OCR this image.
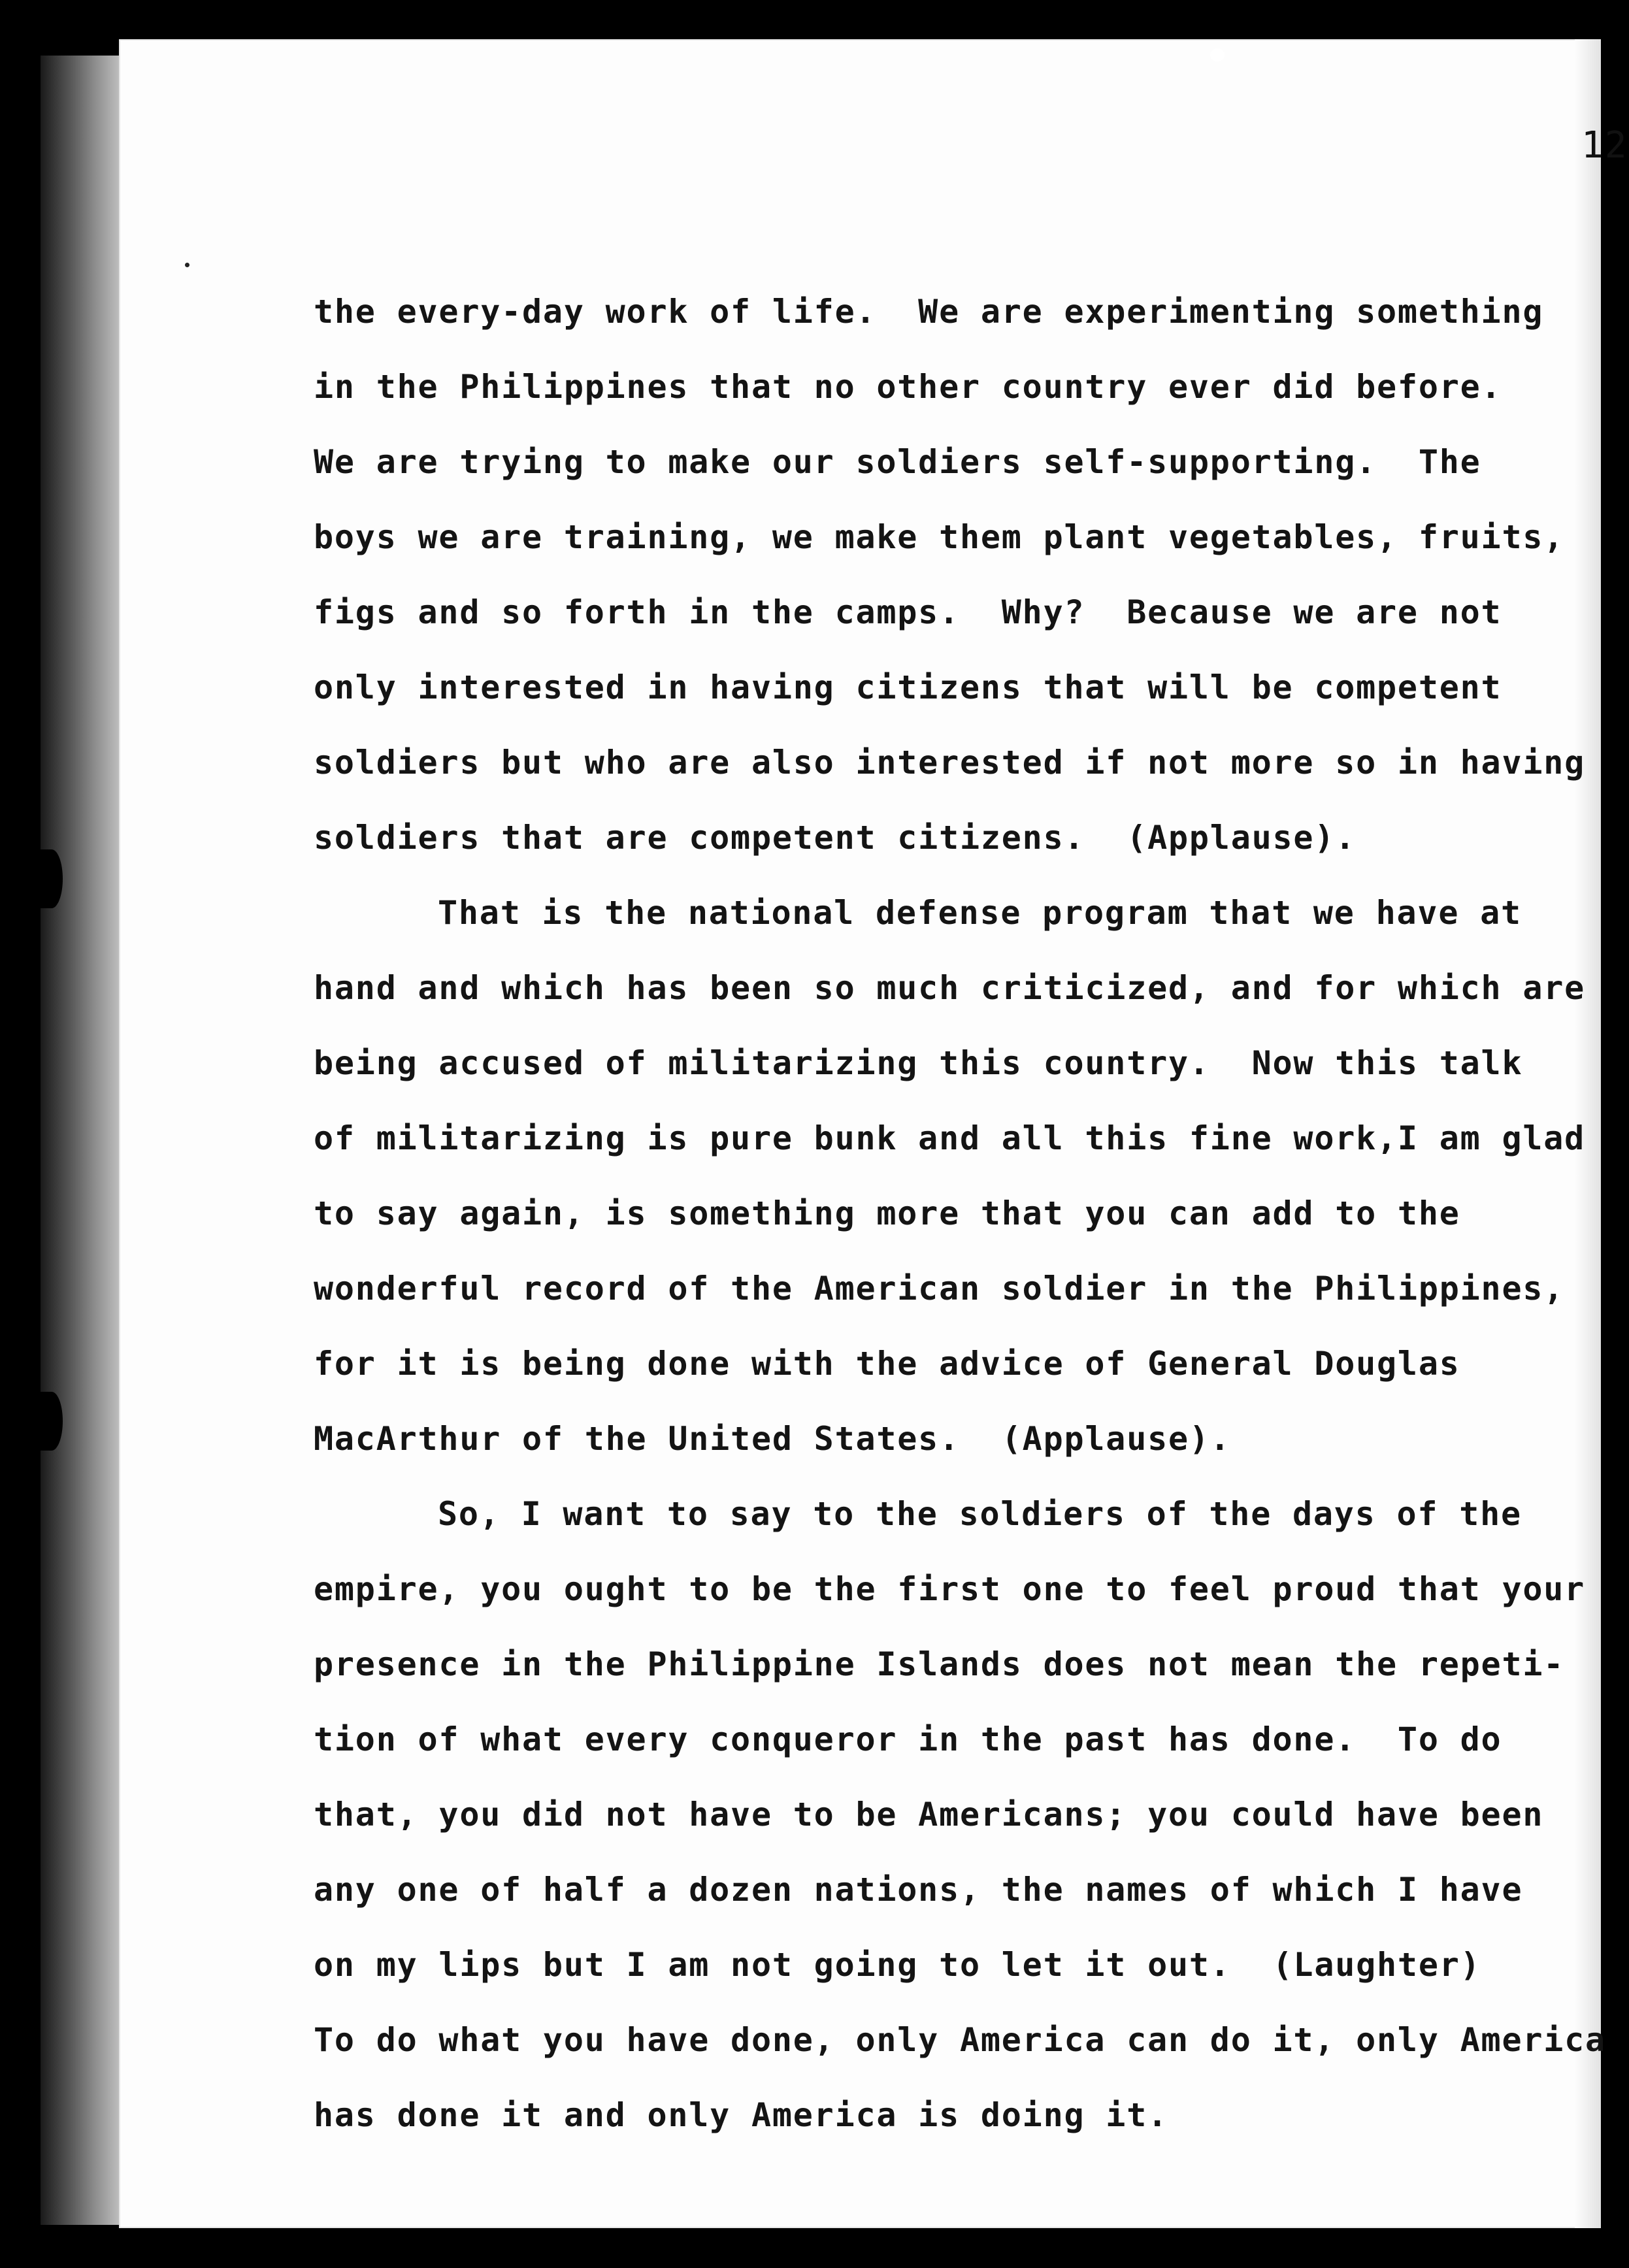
12
the every-day work of life.  We are experimenting something
in the Philippines that no other country ever did before.
We are trying to make our soldiers self-supporting.  The
boys we are training, we make them plant vegetables, fruits,
figs and so forth in the camps.  Why?  Because we are not
only interested in having citizens that will be competent
soldiers but who are also interested if not more so in having
soldiers that are competent citizens.  (Applause).
That is the national defense program that we have at
hand and which has been so much criticized, and for which are
being accused of militarizing this country.  Now this talk
of militarizing is pure bunk and all this fine work,I am glad
to say again, is something more that you can add to the
wonderful record of the American soldier in the Philippines,
for it is being done with the advice of General Douglas
MacArthur of the United States.  (Applause).
So, I want to say to the soldiers of the days of the
empire, you ought to be the first one to feel proud that your
presence in the Philippine Islands does not mean the repeti-
tion of what every conqueror in the past has done.  To do
that, you did not have to be Americans; you could have been
any one of half a dozen nations, the names of which I have
on my lips but I am not going to let it out.  (Laughter)
To do what you have done, only America can do it, only America
has done it and only America is doing it.
